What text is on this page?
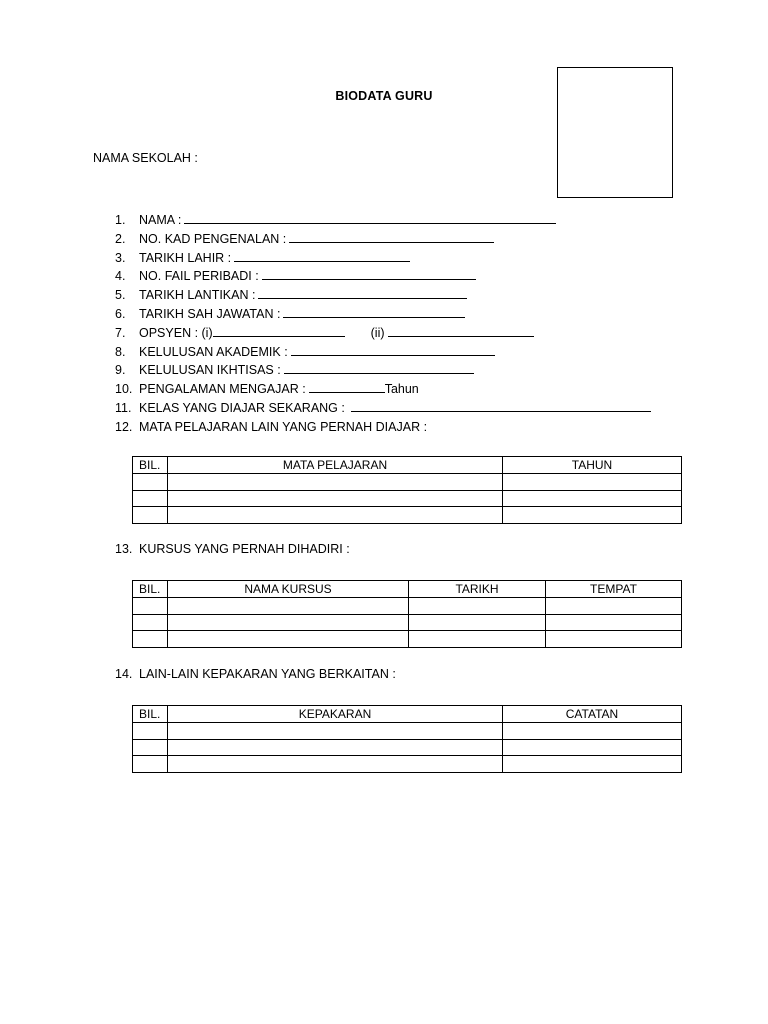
BIODATA GURU
NAMA SEKOLAH :
1. NAMA :
2. NO. KAD PENGENALAN :
3. TARIKH LAHIR :
4. NO. FAIL PERIBADI :
5. TARIKH LANTIKAN :
6. TARIKH SAH JAWATAN :
7. OPSYEN : (i)	(ii)
8. KELULUSAN AKADEMIK :
9. KELULUSAN IKHTISAS :
10. PENGALAMAN MENGAJAR :	Tahun
11. KELAS YANG DIAJAR SEKARANG :
12. MATA PELAJARAN LAIN YANG PERNAH DIAJAR :
BIL.	MATA PELAJARAN	TAHUN

13. KURSUS YANG PERNAH DIHADIRI :
BIL.	NAMA KURSUS	TARIKH	TEMPAT

14. LAIN-LAIN KEPAKARAN YANG BERKAITAN :
BIL.	KEPAKARAN	CATATAN
